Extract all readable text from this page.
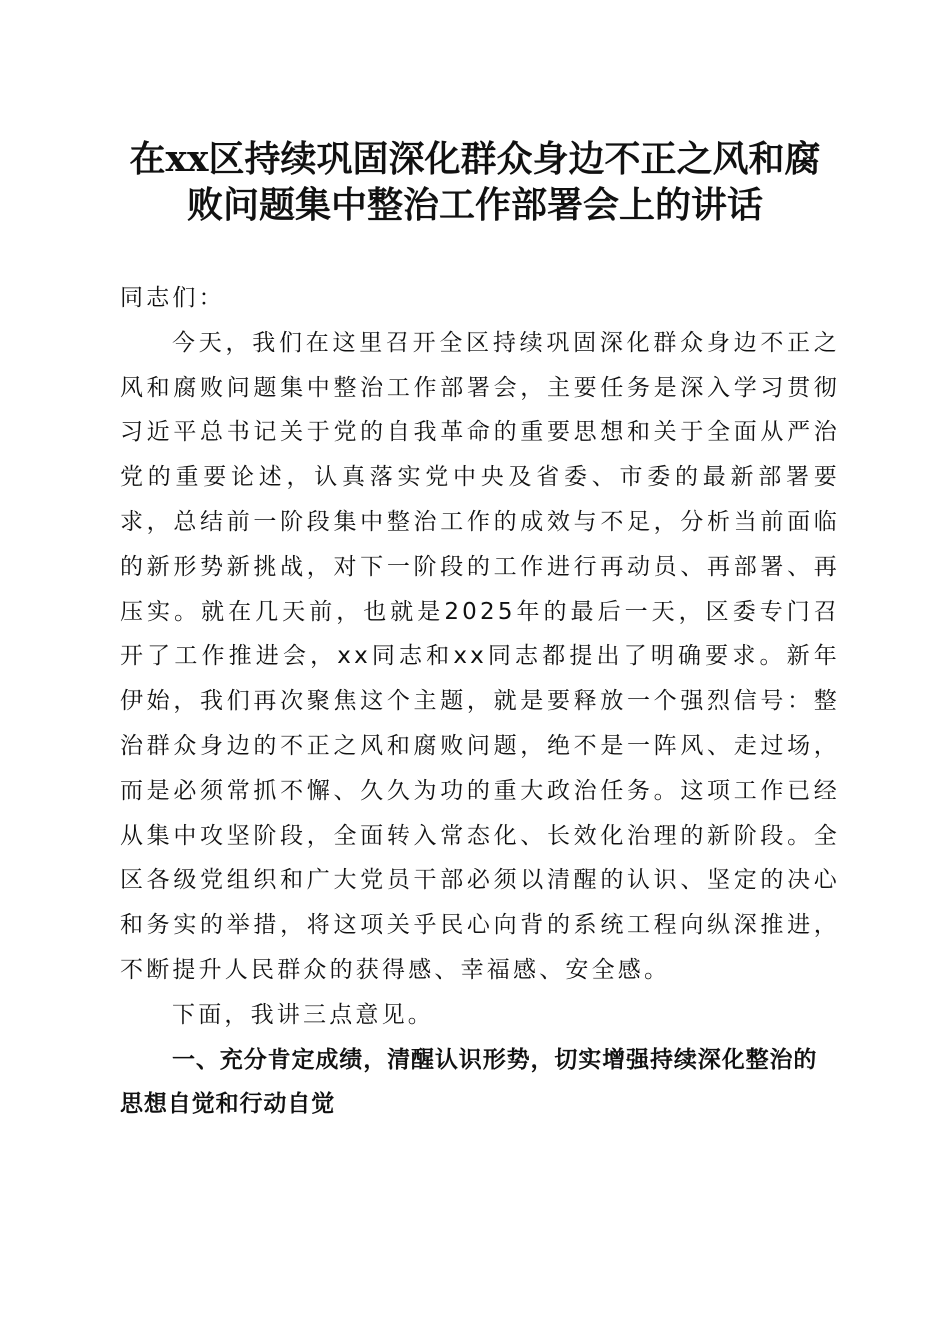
在xx区持续巩固深化群众身边不正之风和腐
败问题集中整治工作部署会上的讲话

同志们：

今天，我们在这里召开全区持续巩固深化群众身边不正之风和腐败问题集中整治工作部署会，主要任务是深入学习贯彻习近平总书记关于党的自我革命的重要思想和关于全面从严治党的重要论述，认真落实党中央及省委、市委的最新部署要求，总结前一阶段集中整治工作的成效与不足，分析当前面临的新形势新挑战，对下一阶段的工作进行再动员、再部署、再压实。就在几天前，也就是2025年的最后一天，区委专门召开了工作推进会，xx同志和xx同志都提出了明确要求。新年伊始，我们再次聚焦这个主题，就是要释放一个强烈信号：整治群众身边的不正之风和腐败问题，绝不是一阵风、走过场，而是必须常抓不懈、久久为功的重大政治任务。这项工作已经从集中攻坚阶段，全面转入常态化、长效化治理的新阶段。全区各级党组织和广大党员干部必须以清醒的认识、坚定的决心和务实的举措，将这项关乎民心向背的系统工程向纵深推进，不断提升人民群众的获得感、幸福感、安全感。

下面，我讲三点意见。

一、充分肯定成绩，清醒认识形势，切实增强持续深化整治的思想自觉和行动自觉
